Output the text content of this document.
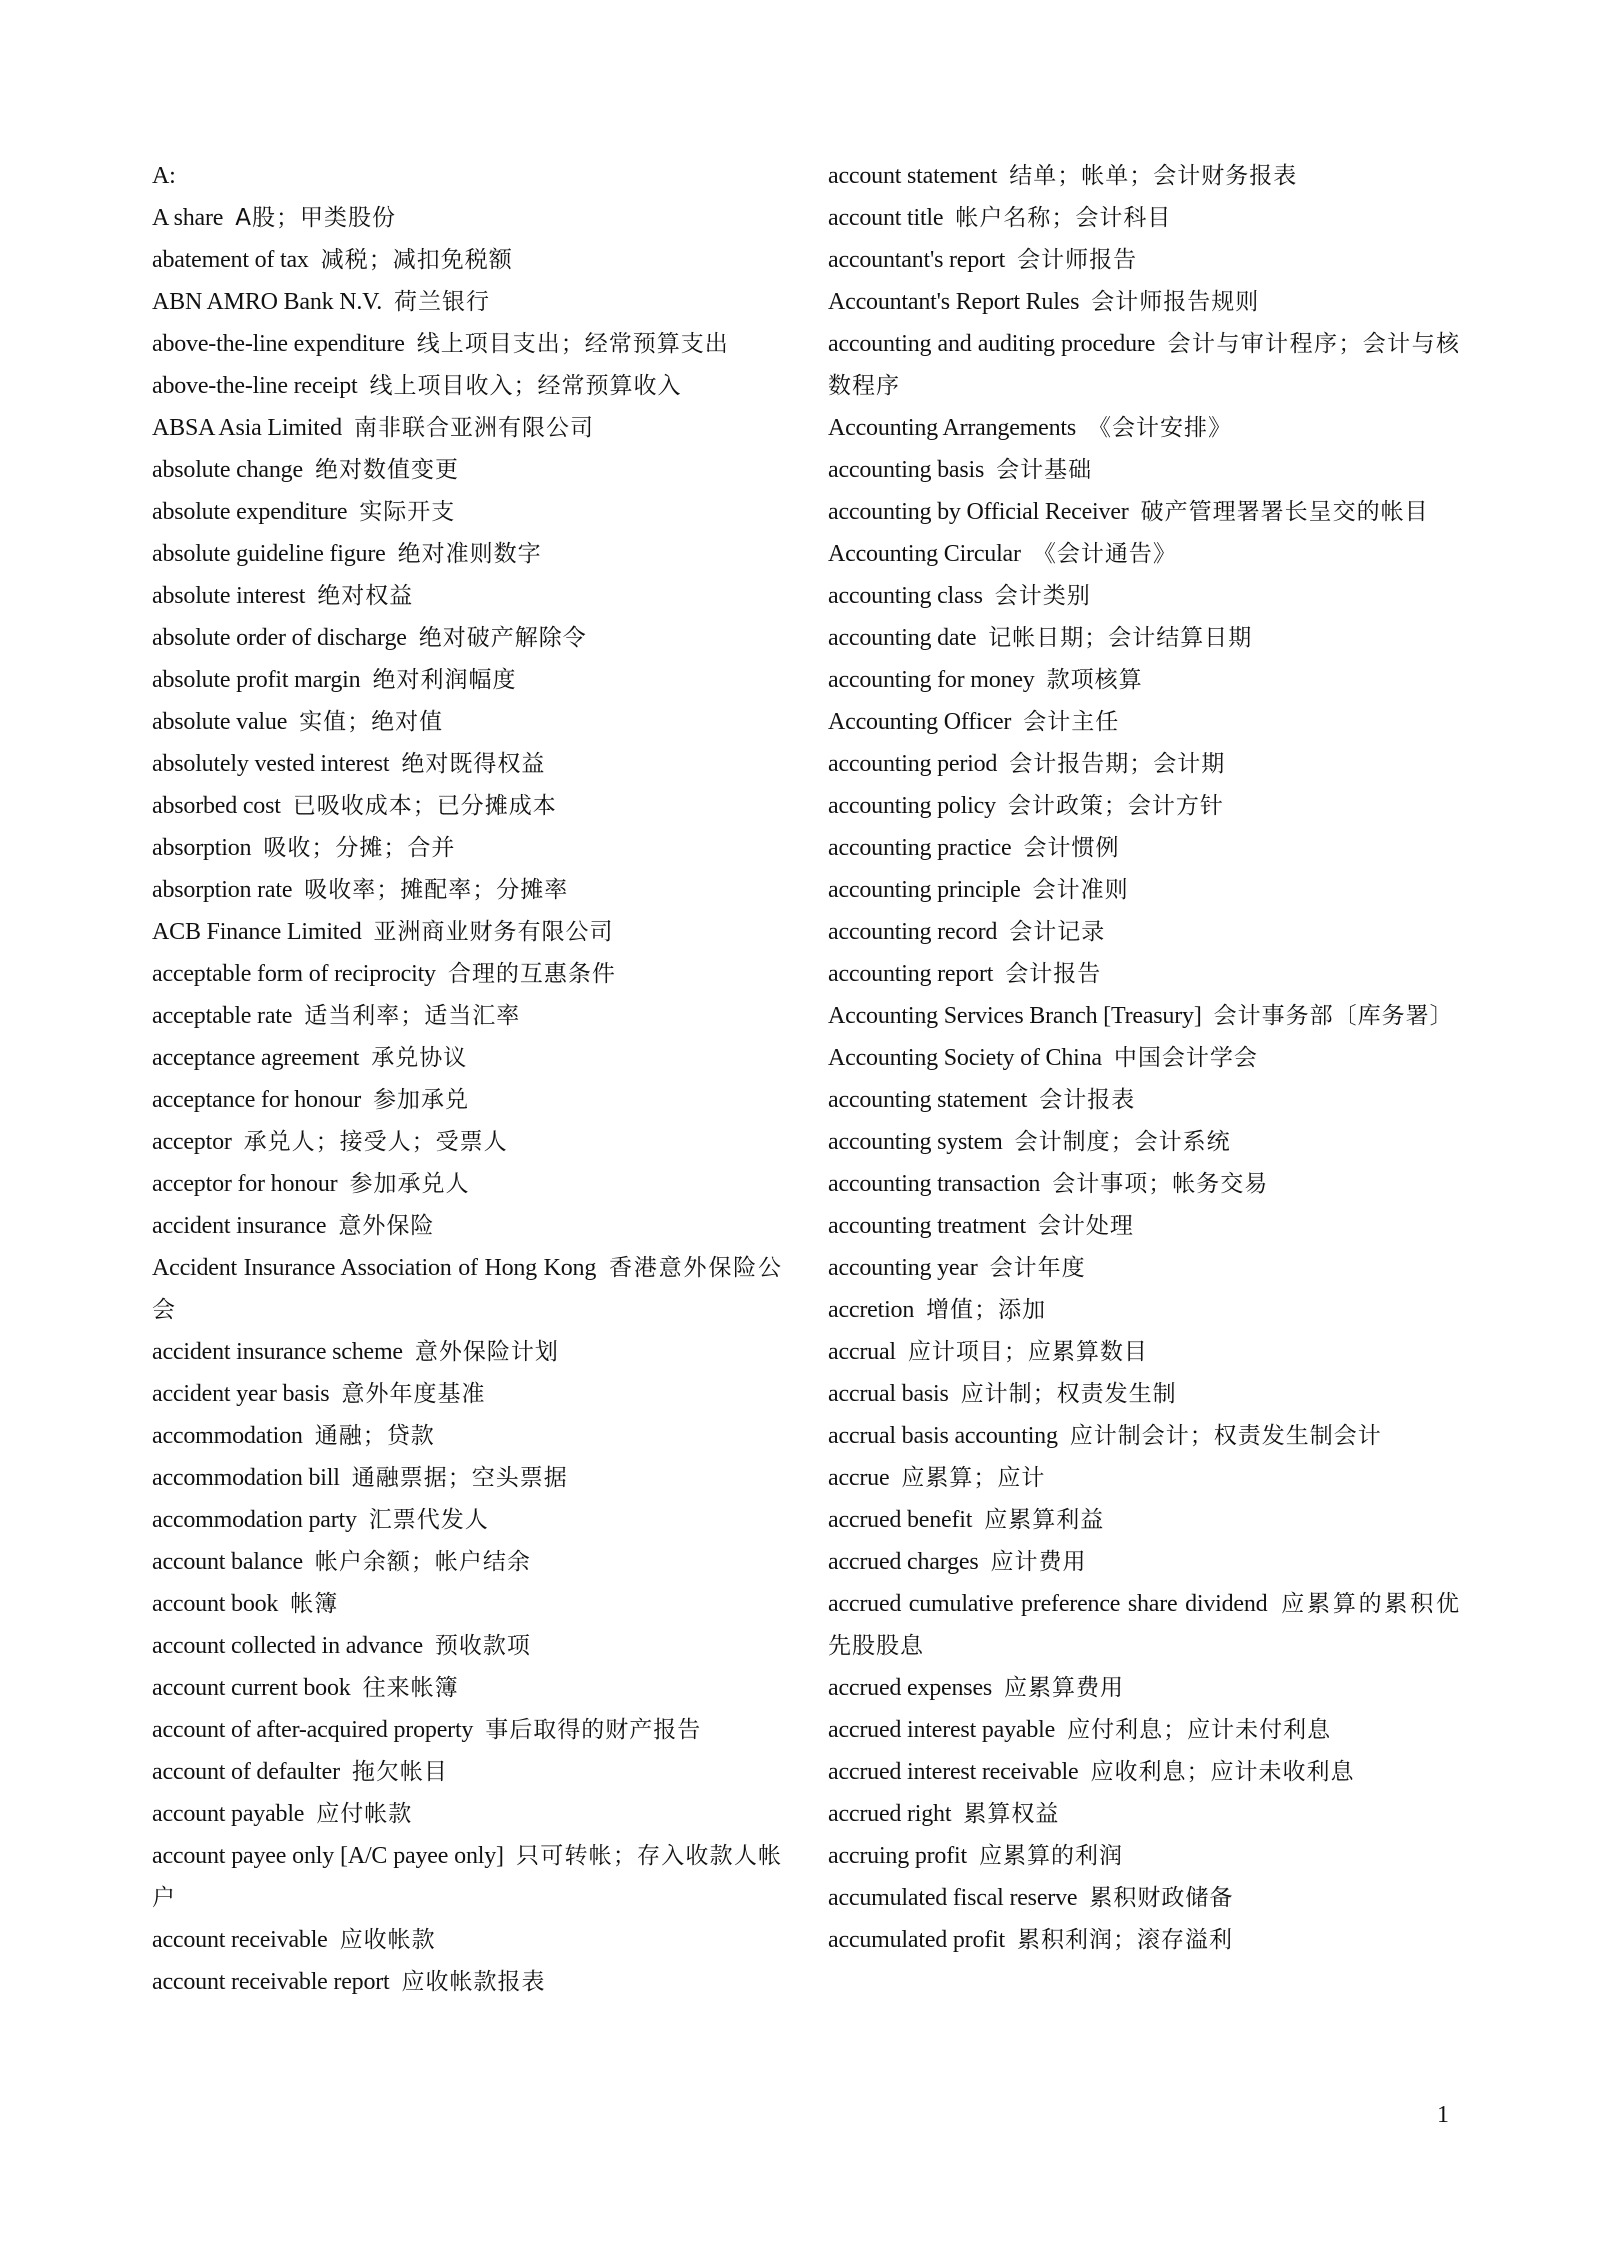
A:
A share A股；甲类股份
abatement of tax 减税；减扣免税额
ABN AMRO Bank N.V. 荷兰银行
above-the-line expenditure 线上项目支出；经常预算支出
above-the-line receipt 线上项目收入；经常预算收入
ABSA Asia Limited 南非联合亚洲有限公司
absolute change 绝对数值变更
absolute expenditure 实际开支
absolute guideline figure 绝对准则数字
absolute interest 绝对权益
absolute order of discharge 绝对破产解除令
absolute profit margin 绝对利润幅度
absolute value 实值；绝对值
absolutely vested interest 绝对既得权益
absorbed cost 已吸收成本；已分摊成本
absorption 吸收；分摊；合并
absorption rate 吸收率；摊配率；分摊率
ACB Finance Limited 亚洲商业财务有限公司
acceptable form of reciprocity 合理的互惠条件
acceptable rate 适当利率；适当汇率
acceptance agreement 承兑协议
acceptance for honour 参加承兑
acceptor 承兑人；接受人；受票人
acceptor for honour 参加承兑人
accident insurance 意外保险
Accident Insurance Association of Hong Kong 香港意外保险公会
accident insurance scheme 意外保险计划
accident year basis 意外年度基准
accommodation 通融；贷款
accommodation bill 通融票据；空头票据
accommodation party 汇票代发人
account balance 帐户余额；帐户结余
account book 帐簿
account collected in advance 预收款项
account current book 往来帐簿
account of after-acquired property 事后取得的财产报告
account of defaulter 拖欠帐目
account payable 应付帐款
account payee only [A/C payee only] 只可转帐；存入收款人帐户
account receivable 应收帐款
account receivable report 应收帐款报表
account statement 结单；帐单；会计财务报表
account title 帐户名称；会计科目
accountant's report 会计师报告
Accountant's Report Rules 会计师报告规则
accounting and auditing procedure 会计与审计程序；会计与核数程序
Accounting Arrangements 《会计安排》
accounting basis 会计基础
accounting by Official Receiver 破产管理署署长呈交的帐目
Accounting Circular 《会计通告》
accounting class 会计类别
accounting date 记帐日期；会计结算日期
accounting for money 款项核算
Accounting Officer 会计主任
accounting period 会计报告期；会计期
accounting policy 会计政策；会计方针
accounting practice 会计惯例
accounting principle 会计准则
accounting record 会计记录
accounting report 会计报告
Accounting Services Branch [Treasury] 会计事务部〔库务署〕
Accounting Society of China 中国会计学会
accounting statement 会计报表
accounting system 会计制度；会计系统
accounting transaction 会计事项；帐务交易
accounting treatment 会计处理
accounting year 会计年度
accretion 增值；添加
accrual 应计项目；应累算数目
accrual basis 应计制；权责发生制
accrual basis accounting 应计制会计；权责发生制会计
accrue 应累算；应计
accrued benefit 应累算利益
accrued charges 应计费用
accrued cumulative preference share dividend 应累算的累积优先股股息
accrued expenses 应累算费用
accrued interest payable 应付利息；应计未付利息
accrued interest receivable 应收利息；应计未收利息
accrued right 累算权益
accruing profit 应累算的利润
accumulated fiscal reserve 累积财政储备
accumulated profit 累积利润；滚存溢利
1
